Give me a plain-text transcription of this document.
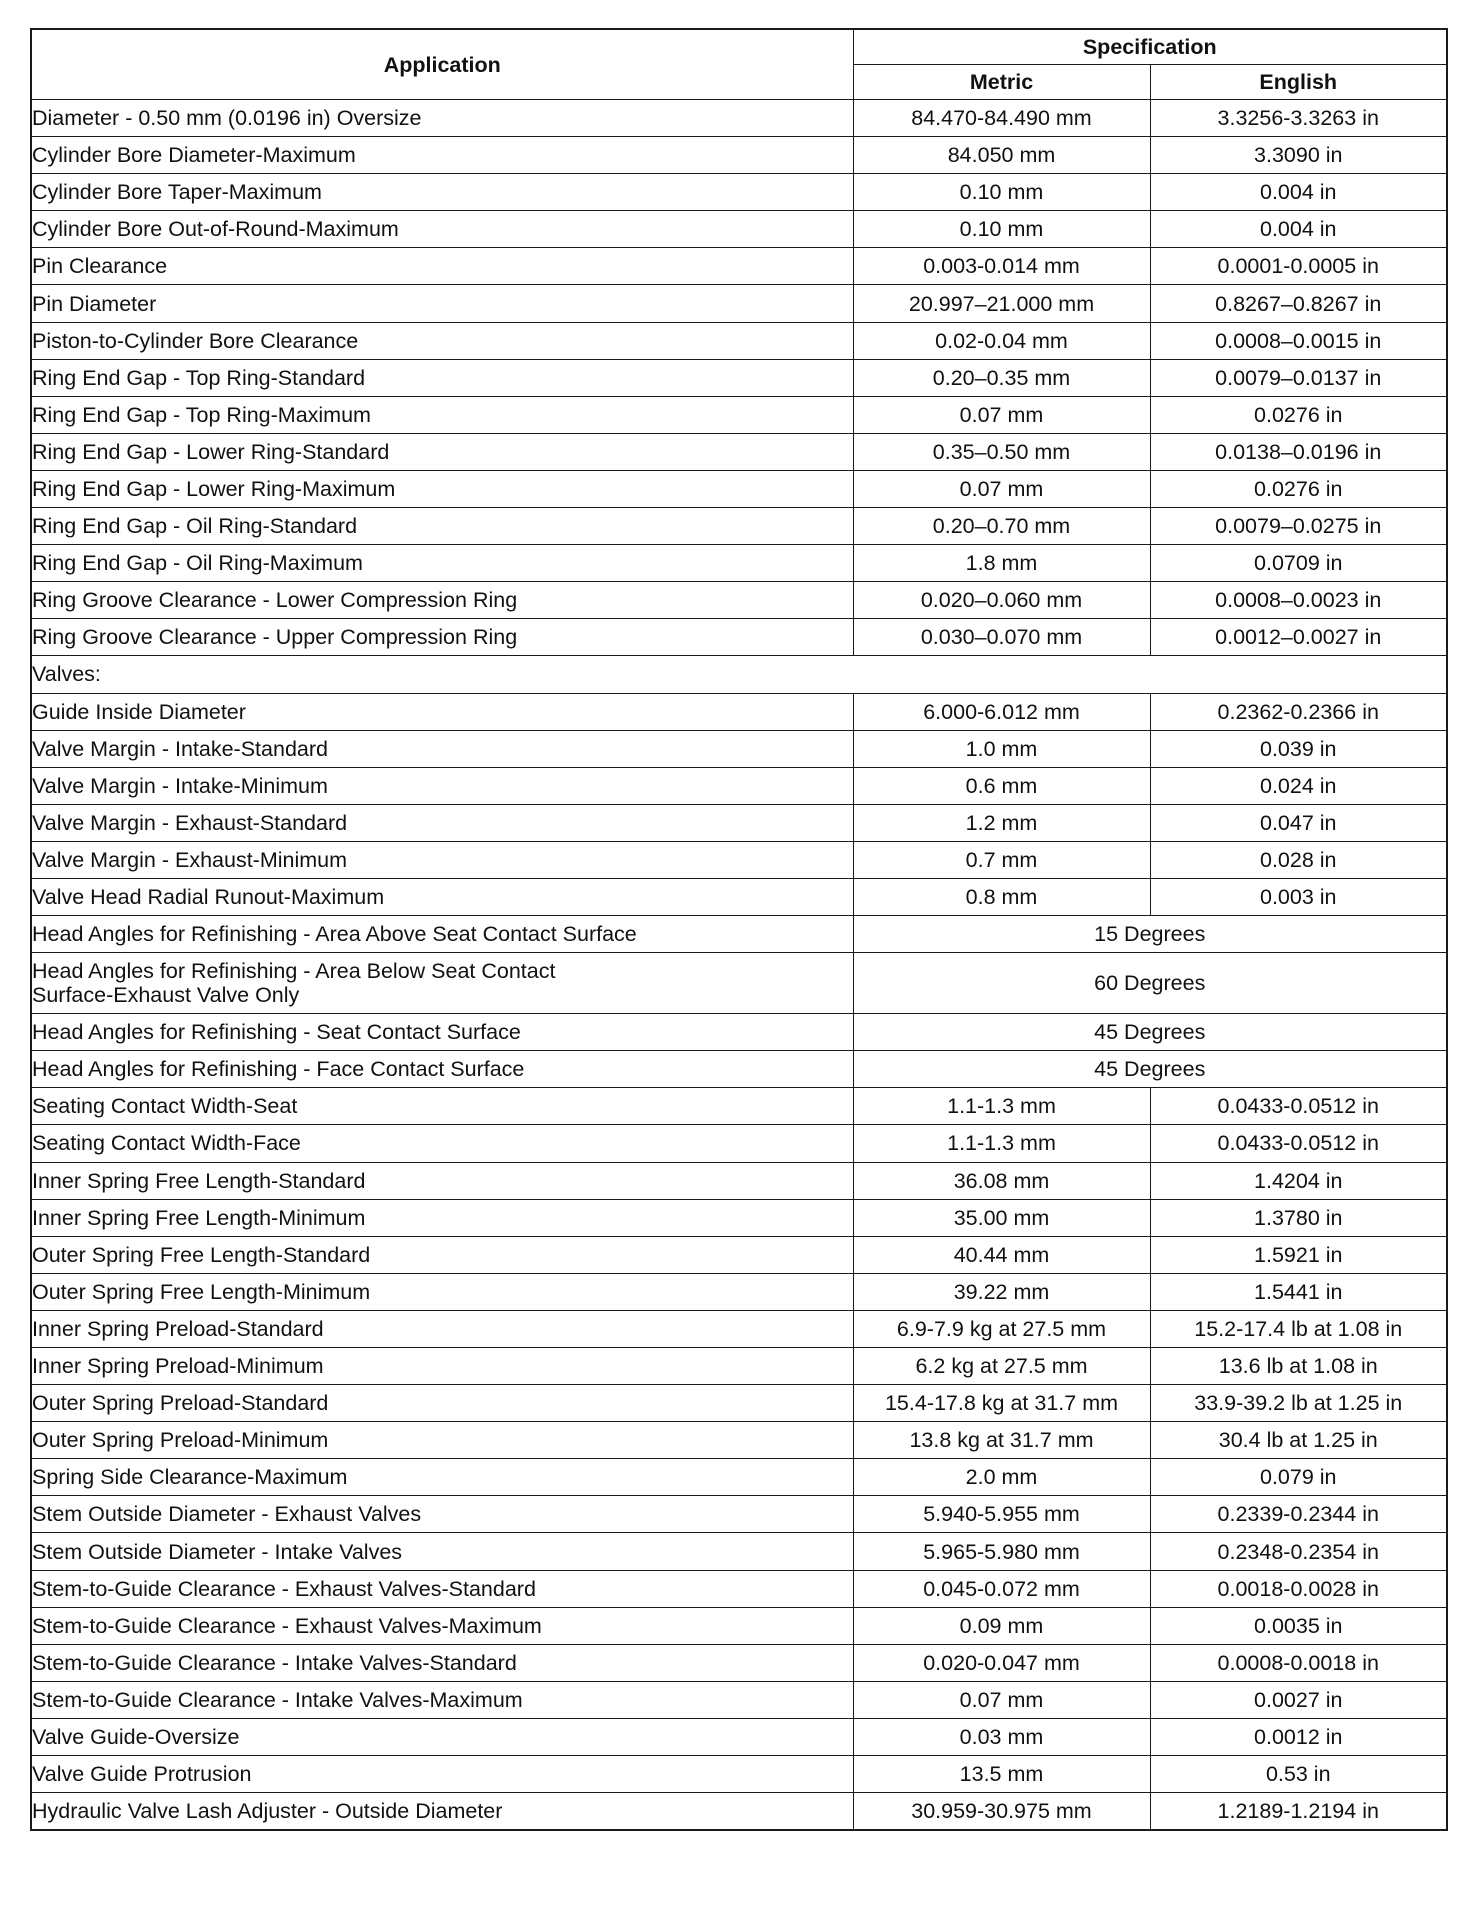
Application	Specification	
	Metric	English
Diameter - 0.50 mm (0.0196 in) Oversize	84.470-84.490 mm	3.3256-3.3263 in
Cylinder Bore Diameter-Maximum	84.050 mm	3.3090 in
Cylinder Bore Taper-Maximum	0.10 mm	0.004 in
Cylinder Bore Out-of-Round-Maximum	0.10 mm	0.004 in
Pin Clearance	0.003-0.014 mm	0.0001-0.0005 in
Pin Diameter	20.997–21.000 mm	0.8267–0.8267 in
Piston-to-Cylinder Bore Clearance	0.02-0.04 mm	0.0008–0.0015 in
Ring End Gap - Top Ring-Standard	0.20–0.35 mm	0.0079–0.0137 in
Ring End Gap - Top Ring-Maximum	0.07 mm	0.0276 in
Ring End Gap - Lower Ring-Standard	0.35–0.50 mm	0.0138–0.0196 in
Ring End Gap - Lower Ring-Maximum	0.07 mm	0.0276 in
Ring End Gap - Oil Ring-Standard	0.20–0.70 mm	0.0079–0.0275 in
Ring End Gap - Oil Ring-Maximum	1.8 mm	0.0709 in
Ring Groove Clearance - Lower Compression Ring	0.020–0.060 mm	0.0008–0.0023 in
Ring Groove Clearance - Upper Compression Ring	0.030–0.070 mm	0.0012–0.0027 in
Valves:		
Guide Inside Diameter	6.000-6.012 mm	0.2362-0.2366 in
Valve Margin - Intake-Standard	1.0 mm	0.039 in
Valve Margin - Intake-Minimum	0.6 mm	0.024 in
Valve Margin - Exhaust-Standard	1.2 mm	0.047 in
Valve Margin - Exhaust-Minimum	0.7 mm	0.028 in
Valve Head Radial Runout-Maximum	0.8 mm	0.003 in
Head Angles for Refinishing - Area Above Seat Contact Surface	15 Degrees	

Head Angles for Refinishing - Area Below Seat Contact
Surface-Exhaust Valve Only	60 Degrees	
Head Angles for Refinishing - Seat Contact Surface	45 Degrees	
Head Angles for Refinishing - Face Contact Surface	45 Degrees	
Seating Contact Width-Seat	1.1-1.3 mm	0.0433-0.0512 in
Seating Contact Width-Face	1.1-1.3 mm	0.0433-0.0512 in
Inner Spring Free Length-Standard	36.08 mm	1.4204 in
Inner Spring Free Length-Minimum	35.00 mm	1.3780 in
Outer Spring Free Length-Standard	40.44 mm	1.5921 in
Outer Spring Free Length-Minimum	39.22 mm	1.5441 in
Inner Spring Preload-Standard	6.9-7.9 kg at 27.5 mm	15.2-17.4 lb at 1.08 in
Inner Spring Preload-Minimum	6.2 kg at 27.5 mm	13.6 lb at 1.08 in
Outer Spring Preload-Standard	15.4-17.8 kg at 31.7 mm	33.9-39.2 lb at 1.25 in
Outer Spring Preload-Minimum	13.8 kg at 31.7 mm	30.4 lb at 1.25 in
Spring Side Clearance-Maximum	2.0 mm	0.079 in
Stem Outside Diameter - Exhaust Valves	5.940-5.955 mm	0.2339-0.2344 in
Stem Outside Diameter - Intake Valves	5.965-5.980 mm	0.2348-0.2354 in
Stem-to-Guide Clearance - Exhaust Valves-Standard	0.045-0.072 mm	0.0018-0.0028 in
Stem-to-Guide Clearance - Exhaust Valves-Maximum	0.09 mm	0.0035 in
Stem-to-Guide Clearance - Intake Valves-Standard	0.020-0.047 mm	0.0008-0.0018 in
Stem-to-Guide Clearance - Intake Valves-Maximum	0.07 mm	0.0027 in
Valve Guide-Oversize	0.03 mm	0.0012 in
Valve Guide Protrusion	13.5 mm	0.53 in
Hydraulic Valve Lash Adjuster - Outside Diameter	30.959-30.975 mm	1.2189-1.2194 in
